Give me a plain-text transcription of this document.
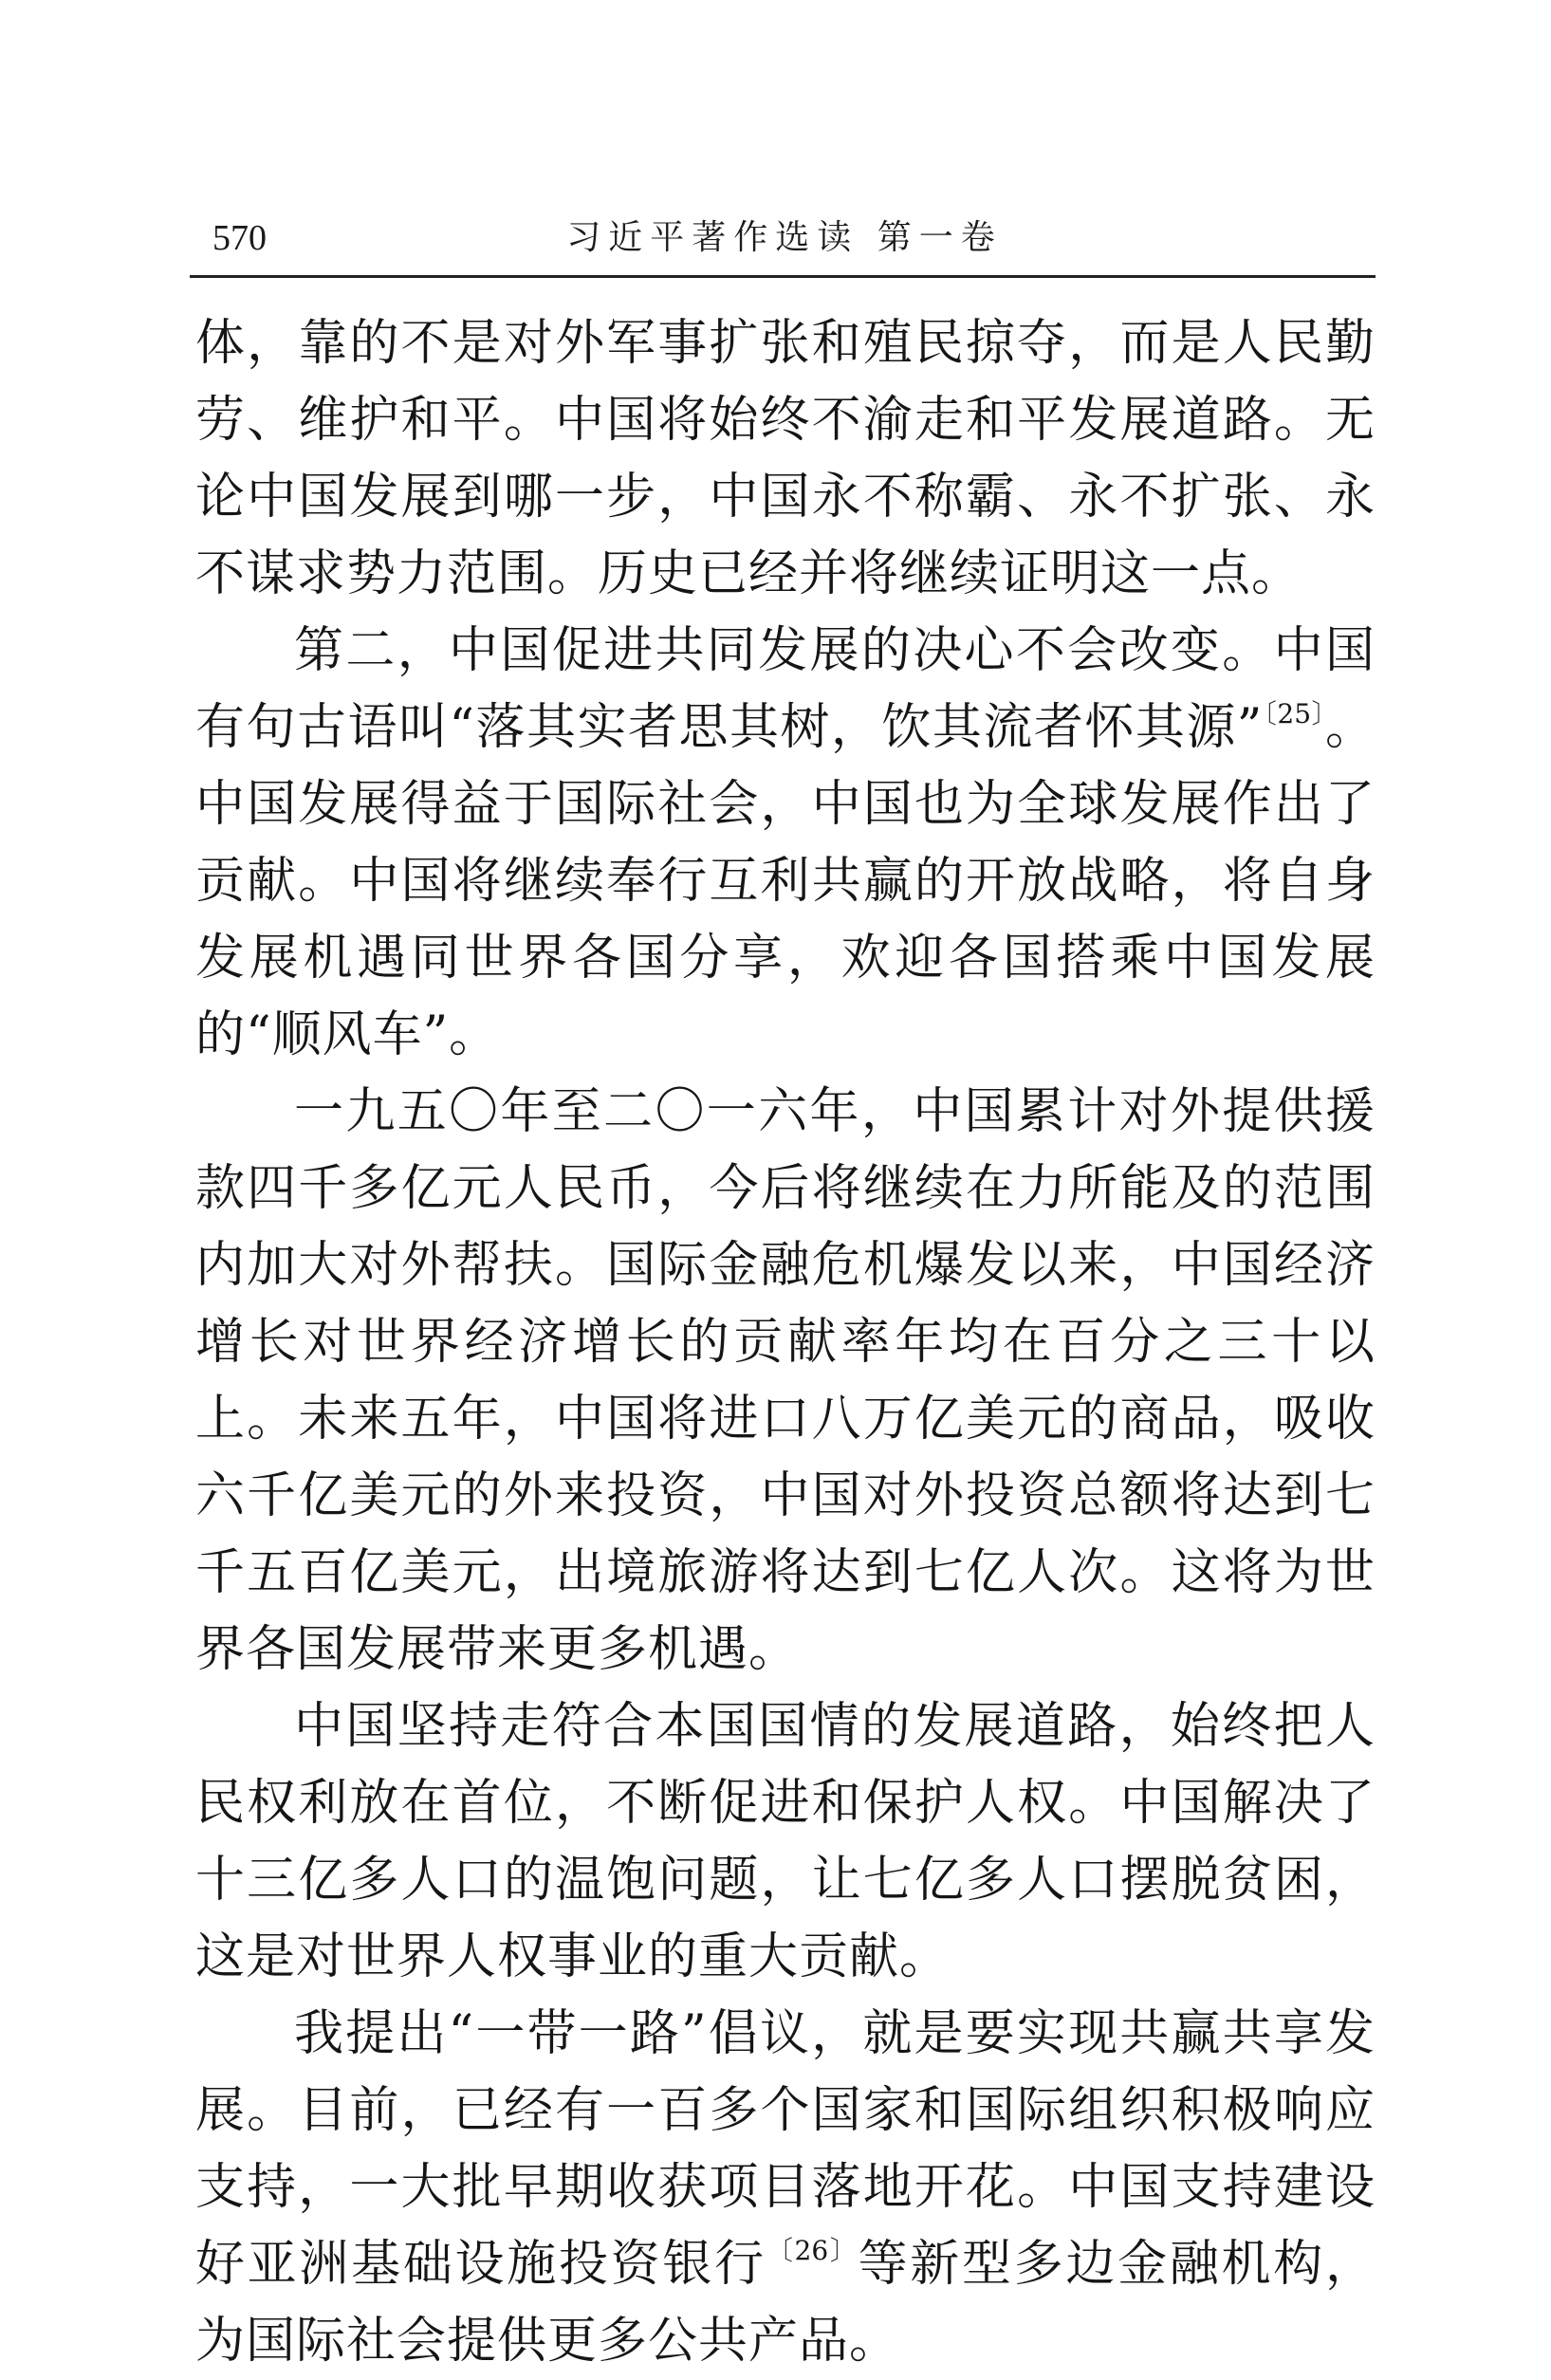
570	习近平著作选读 第一卷

体，靠的不是对外军事扩张和殖民掠夺，而是人民勤劳、维护和平。中国将始终不渝走和平发展道路。无论中国发展到哪一步，中国永不称霸、永不扩张、永不谋求势力范围。历史已经并将继续证明这一点。

第二，中国促进共同发展的决心不会改变。中国有句古语叫“落其实者思其树，饮其流者怀其源”$^{〔25〕}$。中国发展得益于国际社会，中国也为全球发展作出了贡献。中国将继续奉行互利共赢的开放战略，将自身发展机遇同世界各国分享，欢迎各国搭乘中国发展的“顺风车”。

一九五〇年至二〇一六年，中国累计对外提供援款四千多亿元人民币，今后将继续在力所能及的范围内加大对外帮扶。国际金融危机爆发以来，中国经济增长对世界经济增长的贡献率年均在百分之三十以上。未来五年，中国将进口八万亿美元的商品，吸收六千亿美元的外来投资，中国对外投资总额将达到七千五百亿美元，出境旅游将达到七亿人次。这将为世界各国发展带来更多机遇。

中国坚持走符合本国国情的发展道路，始终把人民权利放在首位，不断促进和保护人权。中国解决了十三亿多人口的温饱问题，让七亿多人口摆脱贫困，这是对世界人权事业的重大贡献。

我提出“一带一路”倡议，就是要实现共赢共享发展。目前，已经有一百多个国家和国际组织积极响应支持，一大批早期收获项目落地开花。中国支持建设好亚洲基础设施投资银行$^{〔26〕}$等新型多边金融机构，为国际社会提供更多公共产品。
